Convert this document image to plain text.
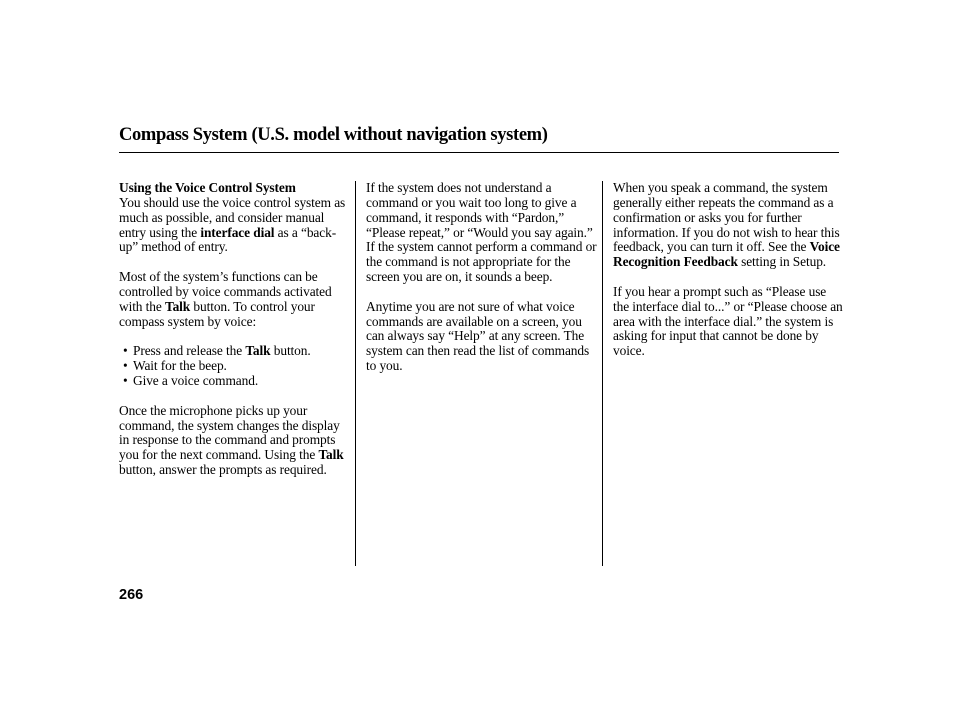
Compass System (U.S. model without navigation system)

Using the Voice Control System

You should use the voice control system as much as possible, and consider manual entry using the interface dial as a “back-up” method of entry.

Most of the system’s functions can be controlled by voice commands activated with the Talk button. To control your compass system by voice:

• Press and release the Talk button.
• Wait for the beep.
• Give a voice command.

Once the microphone picks up your command, the system changes the display in response to the command and prompts you for the next command. Using the Talk button, answer the prompts as required.

If the system does not understand a command or you wait too long to give a command, it responds with “Pardon,” “Please repeat,” or “Would you say again.” If the system cannot perform a command or the command is not appropriate for the screen you are on, it sounds a beep.

Anytime you are not sure of what voice commands are available on a screen, you can always say “Help” at any screen. The system can then read the list of commands to you.

When you speak a command, the system generally either repeats the command as a confirmation or asks you for further information. If you do not wish to hear this feedback, you can turn it off. See the Voice Recognition Feedback setting in Setup.

If you hear a prompt such as “Please use the interface dial to...” or “Please choose an area with the interface dial.” the system is asking for input that cannot be done by voice.

266
